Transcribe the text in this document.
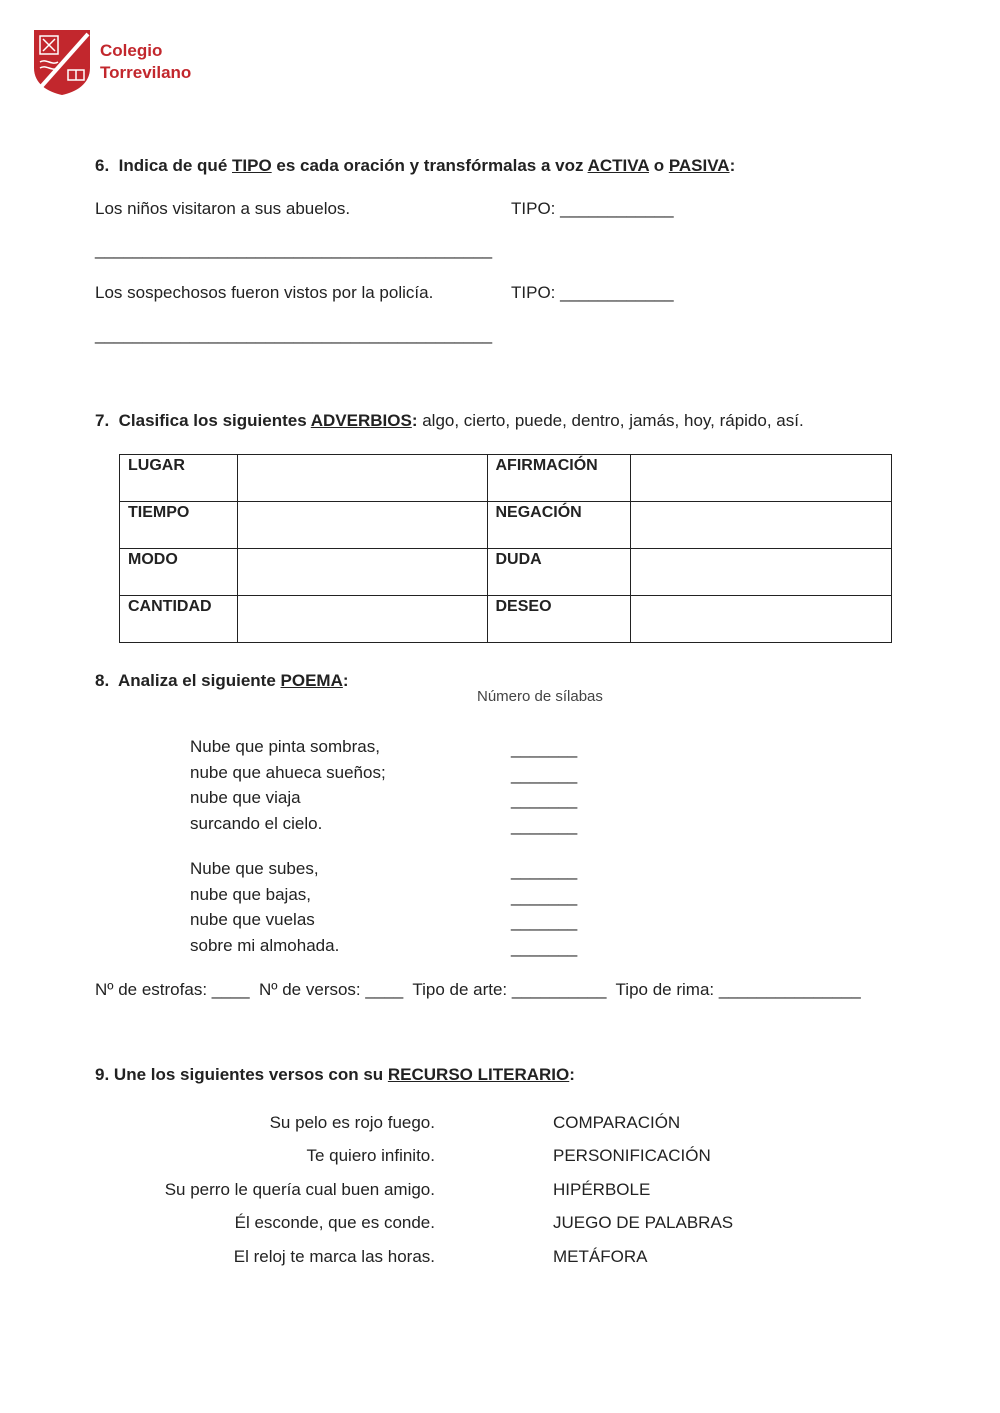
Colegio
Torrevilano
6. Indica de qué TIPO es cada oración y transfórmalas a voz ACTIVA o PASIVA:
Los niños visitaron a sus abuelos.	TIPO: ____________
__________________________________________
Los sospechosos fueron vistos por la policía.	TIPO: ____________
__________________________________________
7. Clasifica los siguientes ADVERBIOS: algo, cierto, puede, dentro, jamás, hoy, rápido, así.
LUGAR		AFIRMACIÓN	
TIEMPO		NEGACIÓN	
MODO		DUDA	
CANTIDAD		DESEO	
8. Analiza el siguiente POEMA:
Número de sílabas
Nube que pinta sombras,
nube que ahueca sueños;
nube que viaja
surcando el cielo.
_______
_______
_______
_______
Nube que subes,
nube que bajas,
nube que vuelas
sobre mi almohada.
_______
_______
_______
_______
Nº de estrofas: ____  Nº de versos: ____  Tipo de arte: __________  Tipo de rima: _______________
9. Une los siguientes versos con su RECURSO LITERARIO:
Su pelo es rojo fuego.
Te quiero infinito.
Su perro le quería cual buen amigo.
Él esconde, que es conde.
El reloj te marca las horas.
COMPARACIÓN
PERSONIFICACIÓN
HIPÉRBOLE
JUEGO DE PALABRAS
METÁFORA
